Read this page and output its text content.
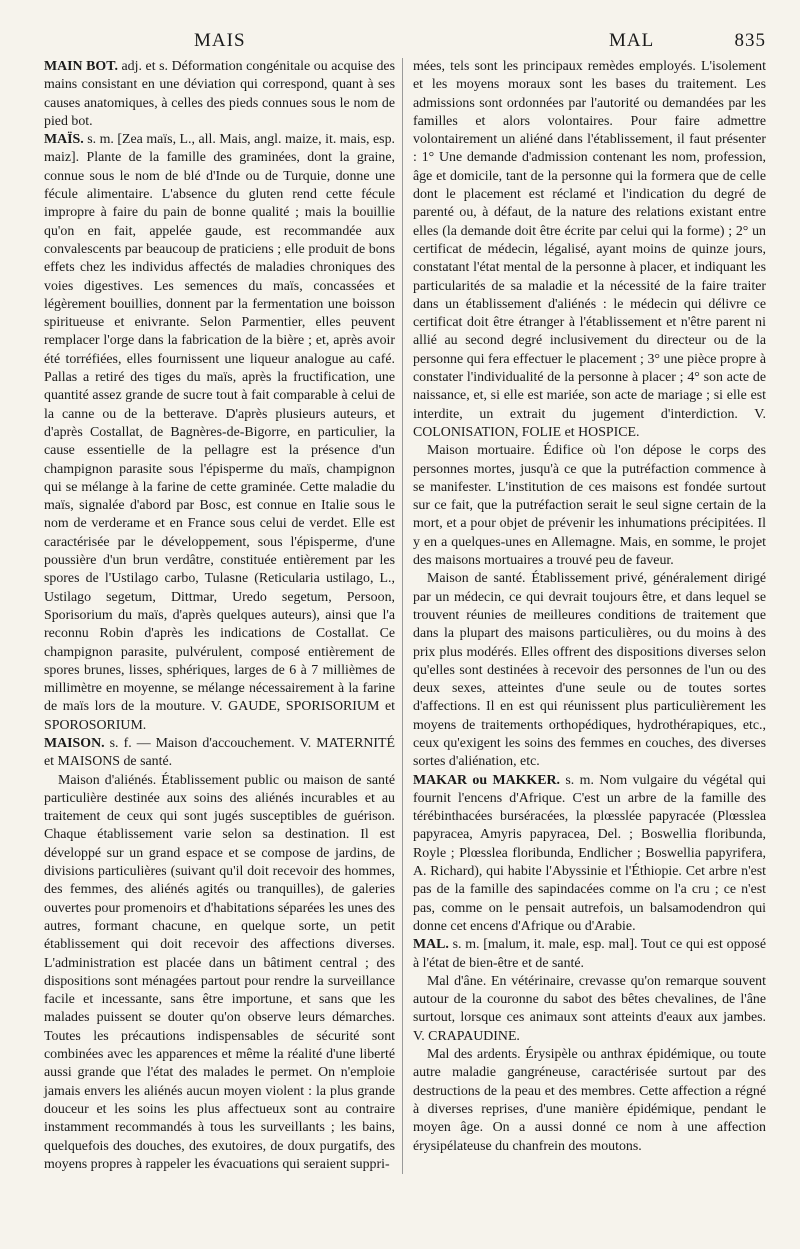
MAIS	MAL	835

MAIN BOT. adj. et s. Déformation congénitale ou acquise des mains consistant en une déviation qui correspond, quant à ses causes anatomiques, à celles des pieds connues sous le nom de pied bot.

MAÏS. s. m. [Zea maïs, L., all. Mais, angl. maize, it. mais, esp. maiz]. Plante de la famille des graminées, dont la graine, connue sous le nom de blé d'Inde ou de Turquie, donne une fécule alimentaire. L'absence du gluten rend cette fécule impropre à faire du pain de bonne qualité ; mais la bouillie qu'on en fait, appelée gaude, est recommandée aux convalescents par beaucoup de praticiens ; elle produit de bons effets chez les individus affectés de maladies chroniques des voies digestives. Les semences du maïs, concassées et légèrement bouillies, donnent par la fermentation une boisson spiritueuse et enivrante. Selon Parmentier, elles peuvent remplacer l'orge dans la fabrication de la bière ; et, après avoir été torréfiées, elles fournissent une liqueur analogue au café. Pallas a retiré des tiges du maïs, après la fructification, une quantité assez grande de sucre tout à fait comparable à celui de la canne ou de la betterave. D'après plusieurs auteurs, et d'après Costallat, de Bagnères-de-Bigorre, en particulier, la cause essentielle de la pellagre est la présence d'un champignon parasite sous l'épisperme du maïs, champignon qui se mélange à la farine de cette graminée. Cette maladie du maïs, signalée d'abord par Bosc, est connue en Italie sous le nom de verderame et en France sous celui de verdet. Elle est caractérisée par le développement, sous l'épisperme, d'une poussière d'un brun verdâtre, constituée entièrement par les spores de l'Ustilago carbo, Tulasne (Reticularia ustilago, L., Ustilago segetum, Dittmar, Uredo segetum, Persoon, Sporisorium du maïs, d'après quelques auteurs), ainsi que l'a reconnu Robin d'après les indications de Costallat. Ce champignon parasite, pulvérulent, composé entièrement de spores brunes, lisses, sphériques, larges de 6 à 7 millièmes de millimètre en moyenne, se mélange nécessairement à la farine de maïs lors de la mouture. V. GAUDE, SPORISORIUM et SPOROSORIUM.

MAISON. s. f. — Maison d'accouchement. V. MATERNITÉ et MAISONS de santé.

Maison d'aliénés. Établissement public ou maison de santé particulière destinée aux soins des aliénés incurables et au traitement de ceux qui sont jugés susceptibles de guérison. Chaque établissement varie selon sa destination. Il est développé sur un grand espace et se compose de jardins, de divisions particulières (suivant qu'il doit recevoir des hommes, des femmes, des aliénés agités ou tranquilles), de galeries ouvertes pour promenoirs et d'habitations séparées les unes des autres, formant chacune, en quelque sorte, un petit établissement qui doit recevoir des affections diverses. L'administration est placée dans un bâtiment central ; des dispositions sont ménagées partout pour rendre la surveillance facile et incessante, sans être importune, et sans que les malades puissent se douter qu'on observe leurs démarches. Toutes les précautions indispensables de sécurité sont combinées avec les apparences et même la réalité d'une liberté aussi grande que l'état des malades le permet. On n'emploie jamais envers les aliénés aucun moyen violent : la plus grande douceur et les soins les plus affectueux sont au contraire instamment recommandés à tous les surveillants ; les bains, quelquefois des douches, des exutoires, de doux purgatifs, des moyens propres à rappeler les évacuations qui seraient suppri-

mées, tels sont les principaux remèdes employés. L'isolement et les moyens moraux sont les bases du traitement. Les admissions sont ordonnées par l'autorité ou demandées par les familles et alors volontaires. Pour faire admettre volontairement un aliéné dans l'établissement, il faut présenter : 1° Une demande d'admission contenant les nom, profession, âge et domicile, tant de la personne qui la formera que de celle dont le placement est réclamé et l'indication du degré de parenté ou, à défaut, de la nature des relations existant entre elles (la demande doit être écrite par celui qui la forme) ; 2° un certificat de médecin, légalisé, ayant moins de quinze jours, constatant l'état mental de la personne à placer, et indiquant les particularités de sa maladie et la nécessité de la faire traiter dans un établissement d'aliénés : le médecin qui délivre ce certificat doit être étranger à l'établissement et n'être parent ni allié au second degré inclusivement du directeur ou de la personne qui fera effectuer le placement ; 3° une pièce propre à constater l'individualité de la personne à placer ; 4° son acte de naissance, et, si elle est mariée, son acte de mariage ; si elle est interdite, un extrait du jugement d'interdiction. V. COLONISATION, FOLIE et HOSPICE.

Maison mortuaire. Édifice où l'on dépose le corps des personnes mortes, jusqu'à ce que la putréfaction commence à se manifester. L'institution de ces maisons est fondée surtout sur ce fait, que la putréfaction serait le seul signe certain de la mort, et a pour objet de prévenir les inhumations précipitées. Il y en a quelques-unes en Allemagne. Mais, en somme, le projet des maisons mortuaires a trouvé peu de faveur.

Maison de santé. Établissement privé, généralement dirigé par un médecin, ce qui devrait toujours être, et dans lequel se trouvent réunies de meilleures conditions de traitement que dans la plupart des maisons particulières, ou du moins à des prix plus modérés. Elles offrent des dispositions diverses selon qu'elles sont destinées à recevoir des personnes de l'un ou des deux sexes, atteintes d'une seule ou de toutes sortes d'affections. Il en est qui réunissent plus particulièrement les moyens de traitements orthopédiques, hydrothérapiques, etc., ceux qu'exigent les soins des femmes en couches, des diverses sortes d'aliénation, etc.

MAKAR ou MAKKER. s. m. Nom vulgaire du végétal qui fournit l'encens d'Afrique. C'est un arbre de la famille des térébinthacées burséracées, la plœsslée papyracée (Plœsslea papyracea, Amyris papyracea, Del. ; Boswellia floribunda, Royle ; Plœsslea floribunda, Endlicher ; Boswellia papyrifera, A. Richard), qui habite l'Abyssinie et l'Éthiopie. Cet arbre n'est pas de la famille des sapindacées comme on l'a cru ; ce n'est pas, comme on le pensait autrefois, un balsamodendron qui donne cet encens d'Afrique ou d'Arabie.

MAL. s. m. [malum, it. male, esp. mal]. Tout ce qui est opposé à l'état de bien-être et de santé.

Mal d'âne. En vétérinaire, crevasse qu'on remarque souvent autour de la couronne du sabot des bêtes chevalines, de l'âne surtout, lorsque ces animaux sont atteints d'eaux aux jambes. V. CRAPAUDINE.

Mal des ardents. Érysipèle ou anthrax épidémique, ou toute autre maladie gangréneuse, caractérisée surtout par des destructions de la peau et des membres. Cette affection a régné à diverses reprises, d'une manière épidémique, pendant le moyen âge. On a aussi donné ce nom à une affection érysipélateuse du chanfrein des moutons.
